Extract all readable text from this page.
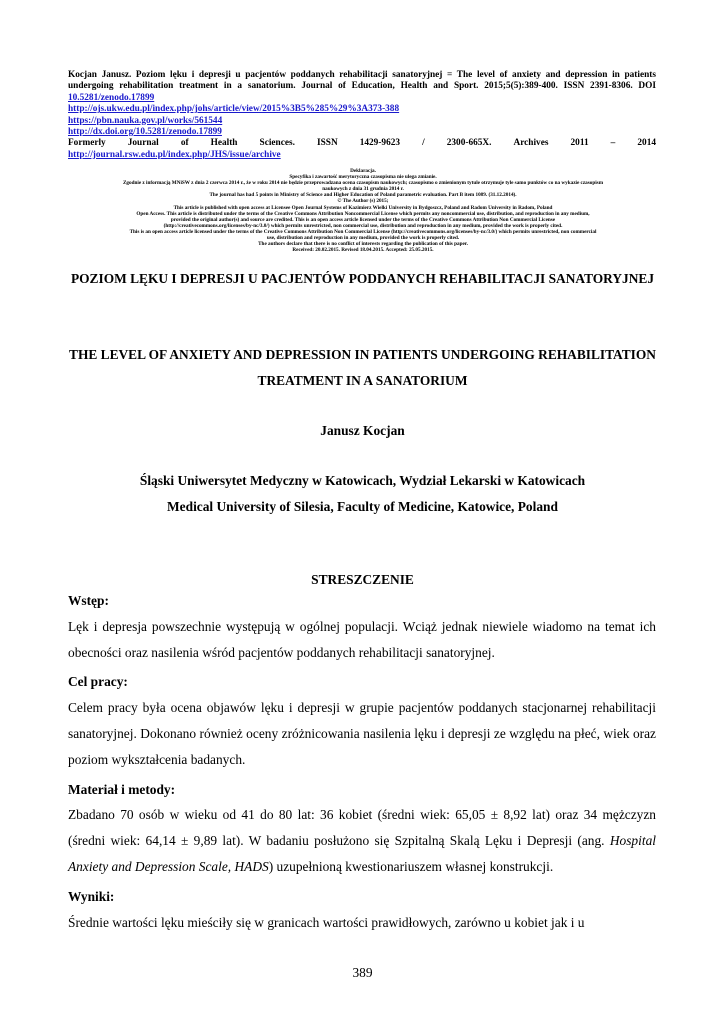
Kocjan Janusz. Poziom lęku i depresji u pacjentów poddanych rehabilitacji sanatoryjnej = The level of anxiety and depression in patients undergoing rehabilitation treatment in a sanatorium. Journal of Education, Health and Sport. 2015;5(5):389-400. ISSN 2391-8306. DOI 10.5281/zenodo.17899
http://ojs.ukw.edu.pl/index.php/johs/article/view/2015%3B5%285%29%3A373-388
https://pbn.nauka.gov.pl/works/561544
http://dx.doi.org/10.5281/zenodo.17899
Formerly Journal of Health Sciences. ISSN 1429-9623 / 2300-665X. Archives 2011 – 2014
http://journal.rsw.edu.pl/index.php/JHS/issue/archive
Deklaracja.
Specyfika i zawartość merytoryczna czasopisma nie ulega zmianie.
Zgodnie z informacją MNiSW z dnia 2 czerwca 2014 r., że w roku 2014 nie będzie przeprowadzana ocena czasopism naukowych; czasopismo o zmienionym tytule otrzymuje tyle samo punktów co na wykazie czasopism
naukowych z dnia 31 grudnia 2014 r.
The journal has had 5 points in Ministry of Science and Higher Education of Poland parametric evaluation. Part B item 1089. (31.12.2014).
© The Author (s) 2015;
This article is published with open access at Licensee Open Journal Systems of Kazimierz Wielki University in Bydgoszcz, Poland and Radom University in Radom, Poland
Open Access. This article is distributed under the terms of the Creative Commons Attribution Noncommercial License which permits any noncommercial use, distribution, and reproduction in any medium,
provided the original author(s) and source are credited. This is an open access article licensed under the terms of the Creative Commons Attribution Non Commercial License
(http://creativecommons.org/licenses/by-nc/3.0/) which permits unrestricted, non commercial use, distribution and reproduction in any medium, provided the work is properly cited.
This is an open access article licensed under the terms of the Creative Commons Attribution Non Commercial License (http://creativecommons.org/licenses/by-nc/3.0/) which permits unrestricted, non commercial
use, distribution and reproduction in any medium, provided the work is properly cited.
The authors declare that there is no conflict of interests regarding the publication of this paper.
Received: 20.02.2015. Revised 18.04.2015. Accepted: 25.05.2015.
POZIOM LĘKU I DEPRESJI U PACJENTÓW PODDANYCH REHABILITACJI SANATORYJNEJ
THE LEVEL OF ANXIETY AND DEPRESSION IN PATIENTS UNDERGOING REHABILITATION TREATMENT IN A SANATORIUM
Janusz Kocjan
Śląski Uniwersytet Medyczny w Katowicach, Wydział Lekarski w Katowicach
Medical University of Silesia, Faculty of Medicine, Katowice, Poland
STRESZCZENIE
Wstęp:

Lęk i depresja powszechnie występują w ogólnej populacji. Wciąż jednak niewiele wiadomo na temat ich obecności oraz nasilenia wśród pacjentów poddanych rehabilitacji sanatoryjnej.

Cel pracy:

Celem pracy była ocena objawów lęku i depresji w grupie pacjentów poddanych stacjonarnej rehabilitacji sanatoryjnej. Dokonano również oceny zróżnicowania nasilenia lęku i depresji ze względu na płeć, wiek oraz poziom wykształcenia badanych.

Materiał i metody:

Zbadano 70 osób w wieku od 41 do 80 lat: 36 kobiet (średni wiek: 65,05 ± 8,92 lat) oraz 34 mężczyzn (średni wiek: 64,14 ± 9,89 lat). W badaniu posłużono się Szpitalną Skalą Lęku i Depresji (ang. Hospital Anxiety and Depression Scale, HADS) uzupełnioną kwestionariuszem własnej konstrukcji.

Wyniki:

Średnie wartości lęku mieściły się w granicach wartości prawidłowych, zarówno u kobiet jak i u

389
